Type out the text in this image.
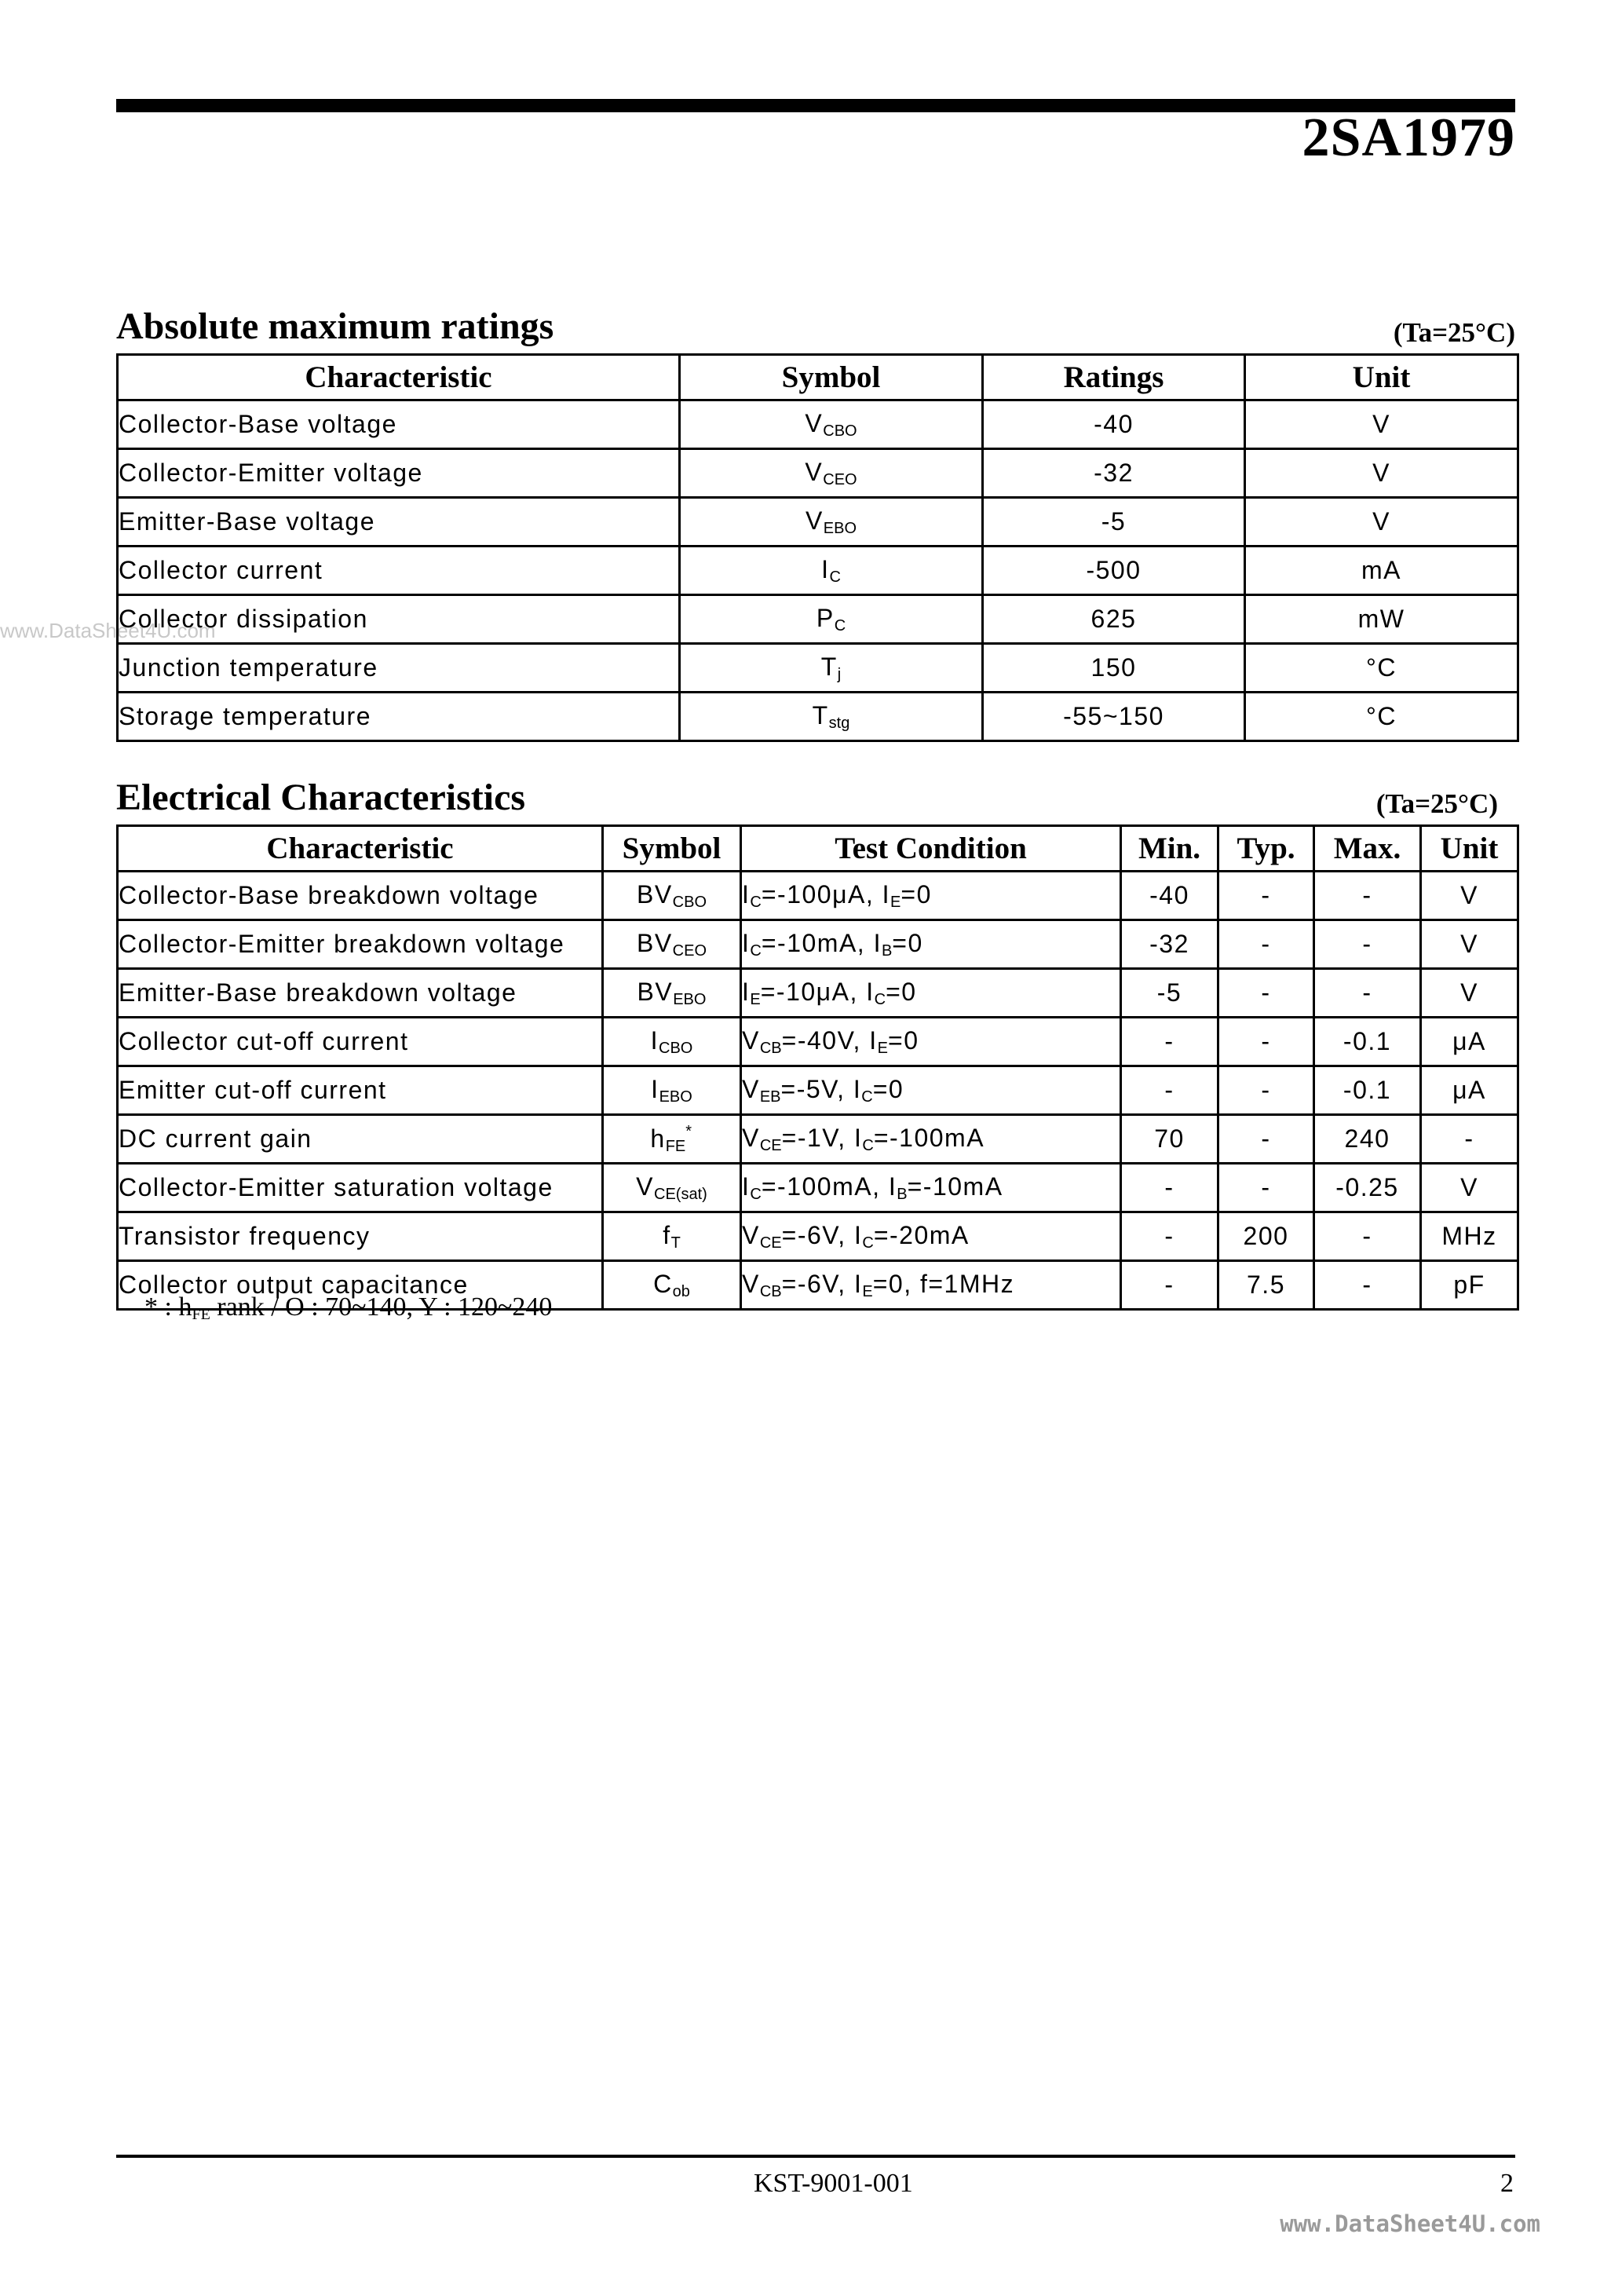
2SA1979
www.DataSheet4U.com
Absolute maximum ratings	(Ta=25°C)
Characteristic	Symbol	Ratings	Unit
Collector-Base voltage	$V_{CBO}$	-40	V
Collector-Emitter voltage	$V_{CEO}$	-32	V
Emitter-Base voltage	$V_{EBO}$	-5	V
Collector current	$I_C$	-500	mA
Collector dissipation	$P_C$	625	mW
Junction temperature	$T_j$	150	°C
Storage temperature	$T_{stg}$	-55~150	°C
Electrical Characteristics	(Ta=25°C)
Characteristic	Symbol	Test Condition	Min.	Typ.	Max.	Unit
Collector-Base breakdown voltage	$BV_{CBO}$	$I_C=-100\mu A$, $I_E=0$	-40	-	-	V
Collector-Emitter breakdown voltage	$BV_{CEO}$	$I_C=-10mA$, $I_B=0$	-32	-	-	V
Emitter-Base breakdown voltage	$BV_{EBO}$	$I_E=-10\mu A$, $I_C=0$	-5	-	-	V
Collector cut-off current	$I_{CBO}$	$V_{CB}=-40V$, $I_E=0$	-	-	-0.1	μA
Emitter cut-off current	$I_{EBO}$	$V_{EB}=-5V$, $I_C=0$	-	-	-0.1	μA
DC current gain	$h_{FE}^*$	$V_{CE}=-1V$, $I_C=-100mA$	70	-	240	-
Collector-Emitter saturation voltage	$V_{CE(sat)}$	$I_C=-100mA$, $I_B=-10mA$	-	-	-0.25	V
Transistor frequency	$f_T$	$V_{CE}=-6V$, $I_C=-20mA$	-	200	-	MHz
Collector output capacitance	$C_{ob}$	$V_{CB}=-6V$, $I_E=0$, f=1MHz	-	7.5	-	pF
* : $h_{FE}$ rank / O : 70~140, Y : 120~240
KST-9001-001	2
www.DataSheet4U.com
